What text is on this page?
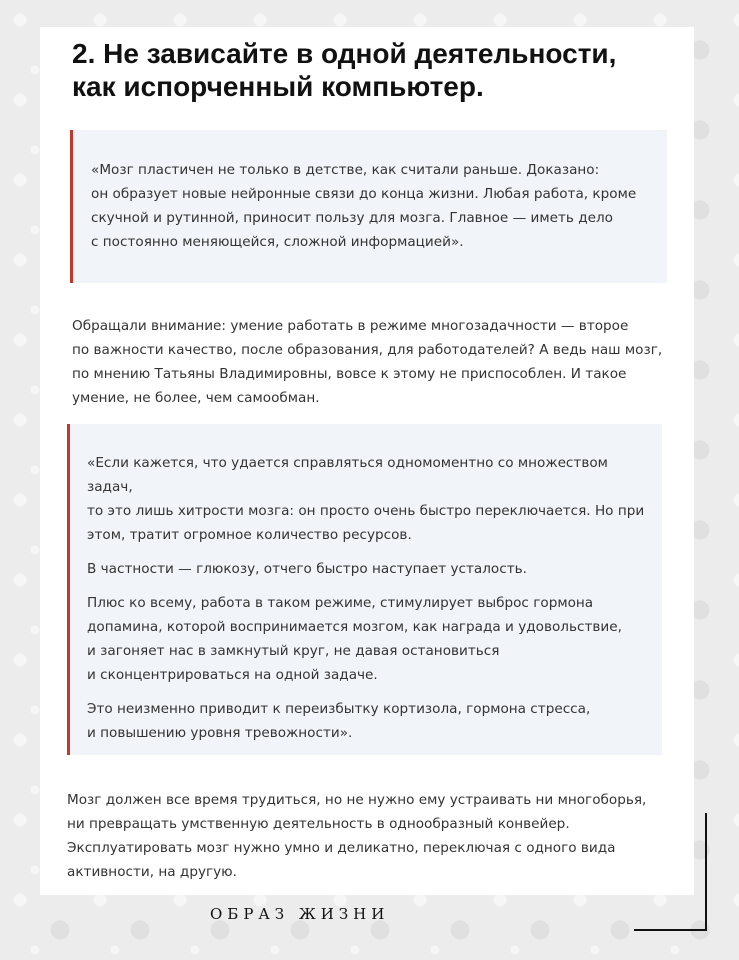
2. Не зависайте в одной деятельности,
как испорченный компьютер.

«Мозг пластичен не только в детстве, как считали раньше. Доказано:
он образует новые нейронные связи до конца жизни. Любая работа, кроме
скучной и рутинной, приносит пользу для мозга. Главное — иметь дело
с постоянно меняющейся, сложной информацией».

Обращали внимание: умение работать в режиме многозадачности — второе
по важности качество, после образования, для работодателей? А ведь наш мозг,
по мнению Татьяны Владимировны, вовсе к этому не приспособлен. И такое
умение, не более, чем самообман.

«Если кажется, что удается справляться одномоментно со множеством задач,
то это лишь хитрости мозга: он просто очень быстро переключается. Но при
этом, тратит огромное количество ресурсов.

В частности — глюкозу, отчего быстро наступает усталость.

Плюс ко всему, работа в таком режиме, стимулирует выброс гормона
допамина, которой воспринимается мозгом, как награда и удовольствие,
и загоняет нас в замкнутый круг, не давая остановиться
и сконцентрироваться на одной задаче.

Это неизменно приводит к переизбытку кортизола, гормона стресса,
и повышению уровня тревожности».

Мозг должен все время трудиться, но не нужно ему устраивать ни многоборья,
ни превращать умственную деятельность в однообразный конвейер.
Эксплуатировать мозг нужно умно и деликатно, переключая с одного вида
активности, на другую.

ОБРАЗ ЖИЗНИ
